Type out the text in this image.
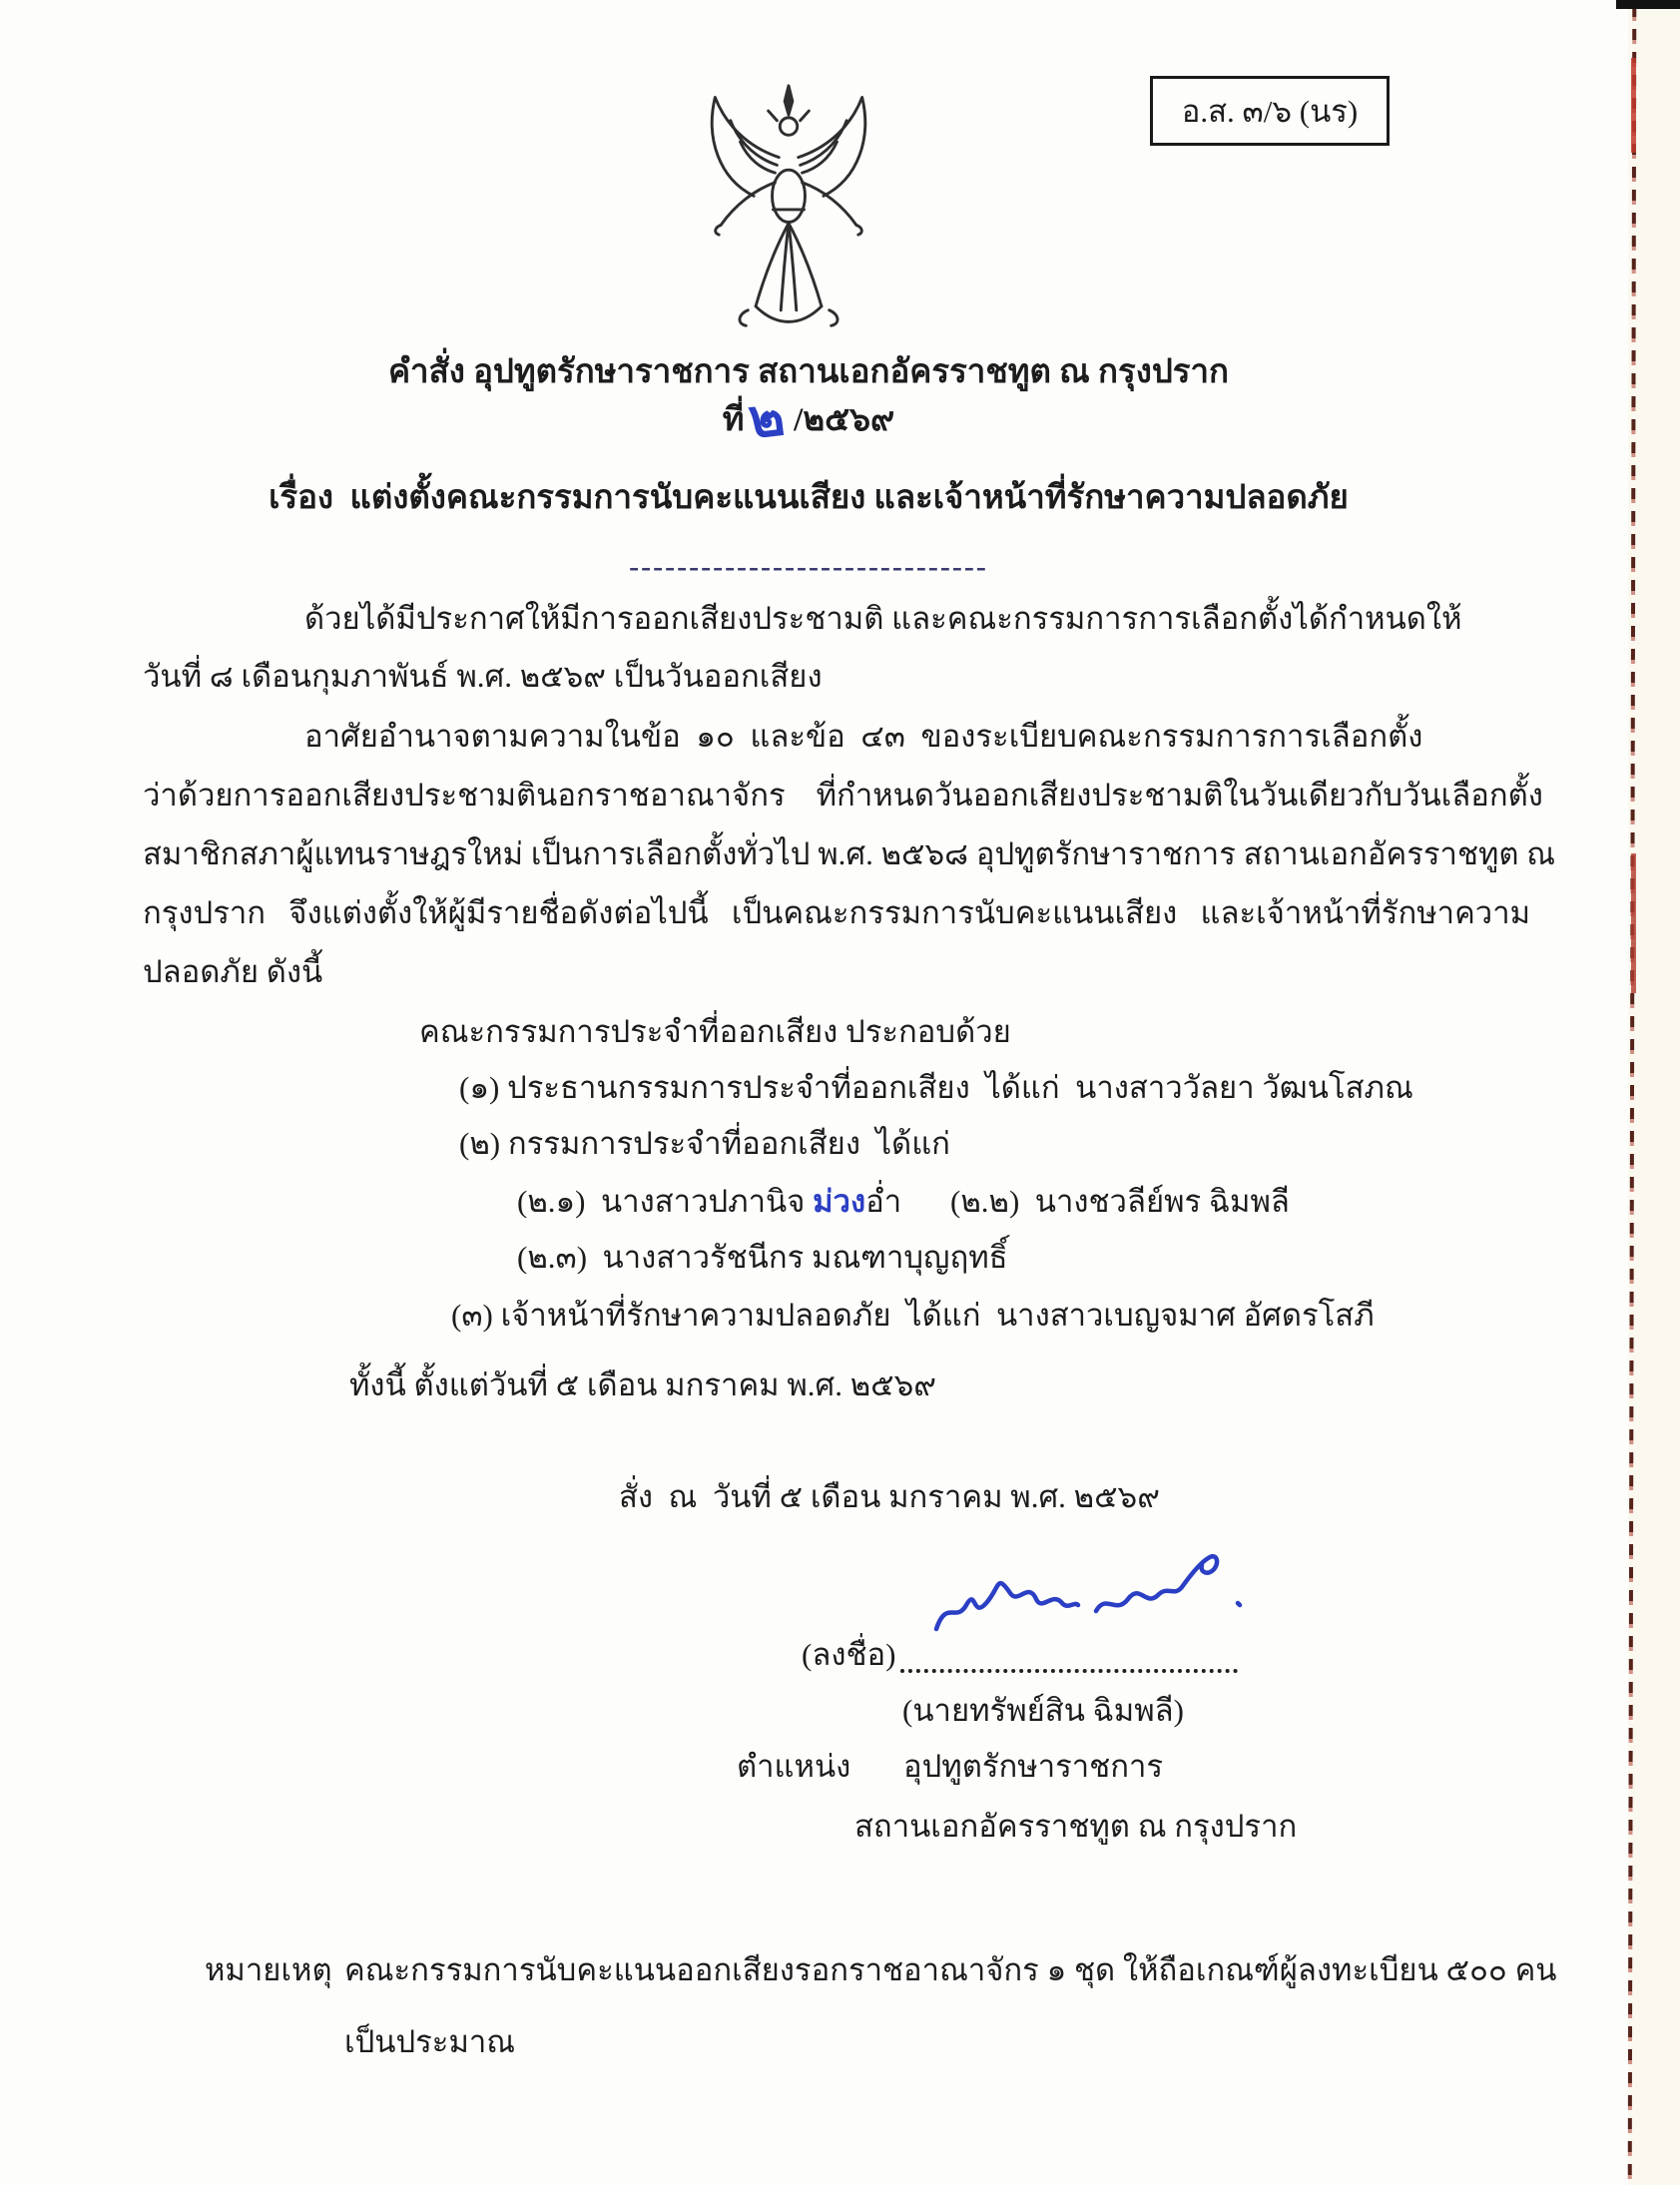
อ.ส. ๓/๖ (นร)
คำสั่ง อุปทูตรักษาราชการ สถานเอกอัครราชทูต ณ กรุงปราก
ที่๒ /๒๕๖๙
เรื่อง  แต่งตั้งคณะกรรมการนับคะแนนเสียง และเจ้าหน้าที่รักษาความปลอดภัย
------------------------------
ด้วยได้มีประกาศให้มีการออกเสียงประชามติ และคณะกรรมการการเลือกตั้งได้กำหนดให้
วันที่ ๘ เดือนกุมภาพันธ์ พ.ศ. ๒๕๖๙ เป็นวันออกเสียง
อาศัยอำนาจตามความในข้อ  ๑๐  และข้อ  ๔๓  ของระเบียบคณะกรรมการการเลือกตั้ง
ว่าด้วยการออกเสียงประชามตินอกราชอาณาจักร    ที่กำหนดวันออกเสียงประชามติในวันเดียวกับวันเลือกตั้ง
สมาชิกสภาผู้แทนราษฎรใหม่ เป็นการเลือกตั้งทั่วไป พ.ศ. ๒๕๖๘ อุปทูตรักษาราชการ สถานเอกอัครราชทูต ณ
กรุงปราก   จึงแต่งตั้งให้ผู้มีรายชื่อดังต่อไปนี้   เป็นคณะกรรมการนับคะแนนเสียง   และเจ้าหน้าที่รักษาความ
ปลอดภัย ดังนี้
คณะกรรมการประจำที่ออกเสียง ประกอบด้วย
(๑) ประธานกรรมการประจำที่ออกเสียง  ได้แก่  นางสาววัลยา วัฒนโสภณ
(๒) กรรมการประจำที่ออกเสียง  ได้แก่
(๒.๑)  นางสาวปภานิจ ม่วงอ่ำ (๒.๒)  นางชวลีย์พร ฉิมพลี
(๒.๓)  นางสาวรัชนีกร มณฑาบุญฤทธิ์
(๓) เจ้าหน้าที่รักษาความปลอดภัย  ได้แก่  นางสาวเบญจมาศ อัศดรโสภี
ทั้งนี้ ตั้งแต่วันที่ ๕ เดือน มกราคม พ.ศ. ๒๕๖๙
สั่ง  ณ  วันที่ ๕ เดือน มกราคม พ.ศ. ๒๕๖๙
(ลงชื่อ)
(นายทรัพย์สิน ฉิมพลี)
ตำแหน่ง อุปทูตรักษาราชการ
สถานเอกอัครราชทูต ณ กรุงปราก
หมายเหตุ คณะกรรมการนับคะแนนออกเสียงรอกราชอาณาจักร ๑ ชุด ให้ถือเกณฑ์ผู้ลงทะเบียน ๕๐๐ คน
เป็นประมาณ
